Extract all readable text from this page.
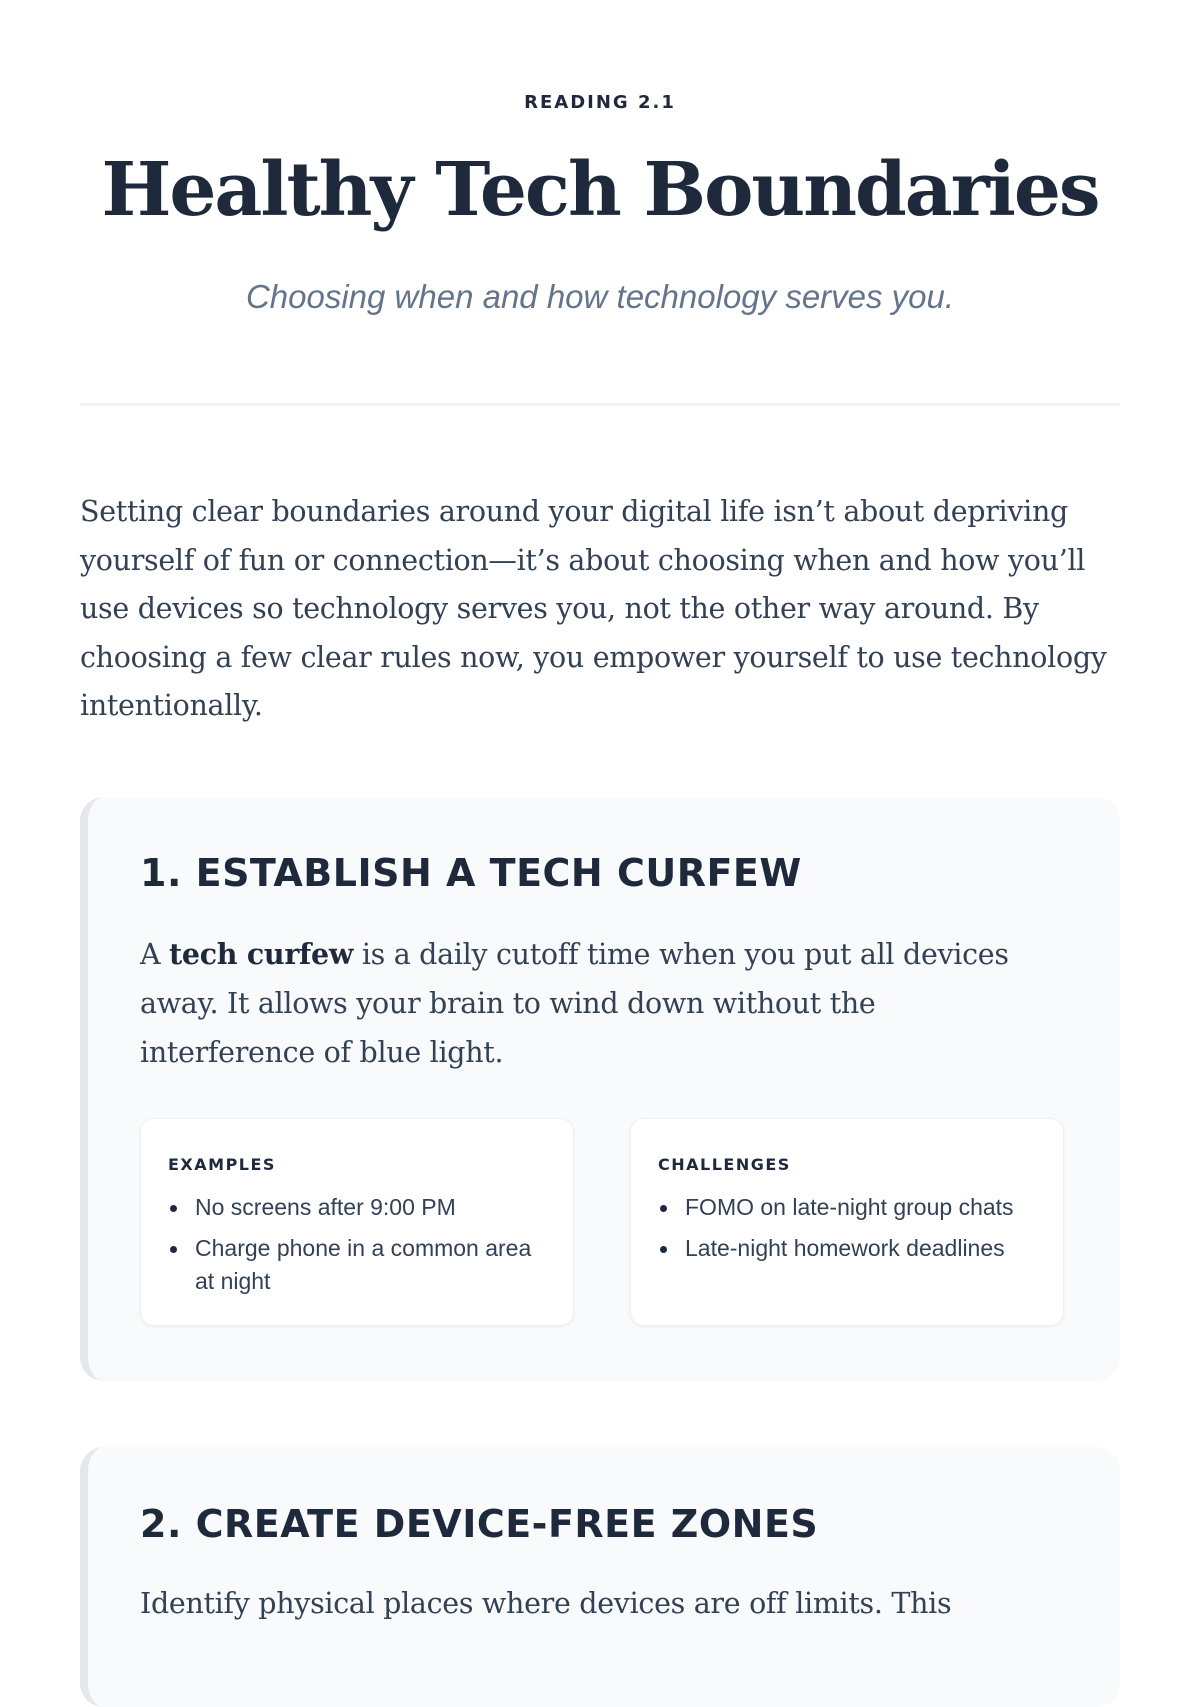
READING 2.1
Healthy Tech Boundaries
Choosing when and how technology serves you.

Setting clear boundaries around your digital life isn’t about depriving yourself of fun or connection—it’s about choosing when and how you’ll use devices so technology serves you, not the other way around. By choosing a few clear rules now, you empower yourself to use technology intentionally.

1. ESTABLISH A TECH CURFEW

A tech curfew is a daily cutoff time when you put all devices away. It allows your brain to wind down without the interference of blue light.

EXAMPLES
No screens after 9:00 PM
Charge phone in a common area at night
CHALLENGES
FOMO on late-night group chats
Late-night homework deadlines
2. CREATE DEVICE-FREE ZONES

Identify physical places where devices are off limits. This
